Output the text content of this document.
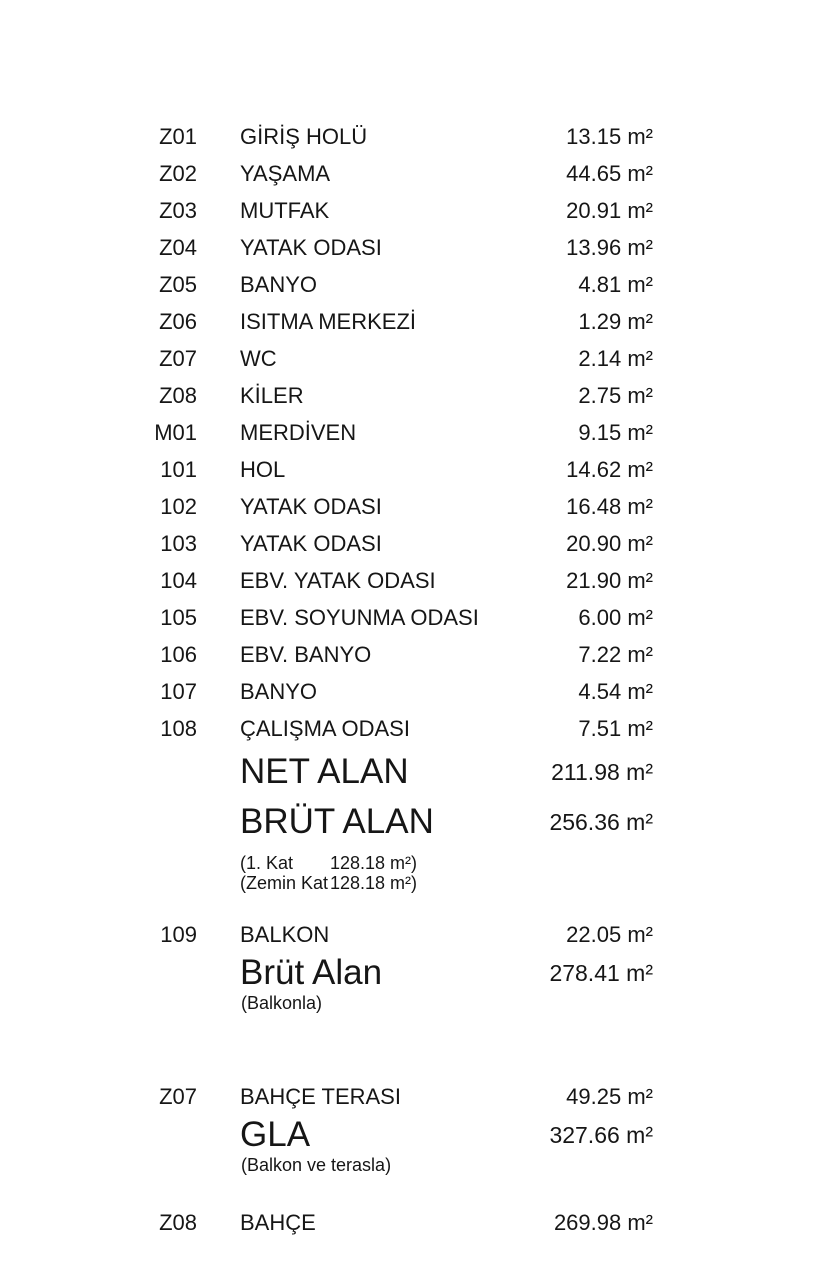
Z01	GİRİŞ HOLÜ	13.15 m²
Z02	YAŞAMA	44.65 m²
Z03	MUTFAK	20.91 m²
Z04	YATAK ODASI	13.96 m²
Z05	BANYO	4.81 m²
Z06	ISITMA MERKEZİ	1.29 m²
Z07	WC	2.14 m²
Z08	KİLER	2.75 m²
M01	MERDİVEN	9.15 m²
101	HOL	14.62 m²
102	YATAK ODASI	16.48 m²
103	YATAK ODASI	20.90 m²
104	EBV. YATAK ODASI	21.90 m²
105	EBV. SOYUNMA ODASI	6.00 m²
106	EBV. BANYO	7.22 m²
107	BANYO	4.54 m²
108	ÇALIŞMA ODASI	7.51 m²
NET ALAN	211.98 m²
BRÜT ALAN	256.36 m²
(1. Kat	128.18 m²)
(Zemin Kat 128.18 m²)
109	BALKON	22.05 m²
Brüt Alan	278.41 m²
(Balkonla)
Z07	BAHÇE TERASI	49.25 m²
GLA	327.66 m²
(Balkon ve terasla)
Z08	BAHÇE	269.98 m²
